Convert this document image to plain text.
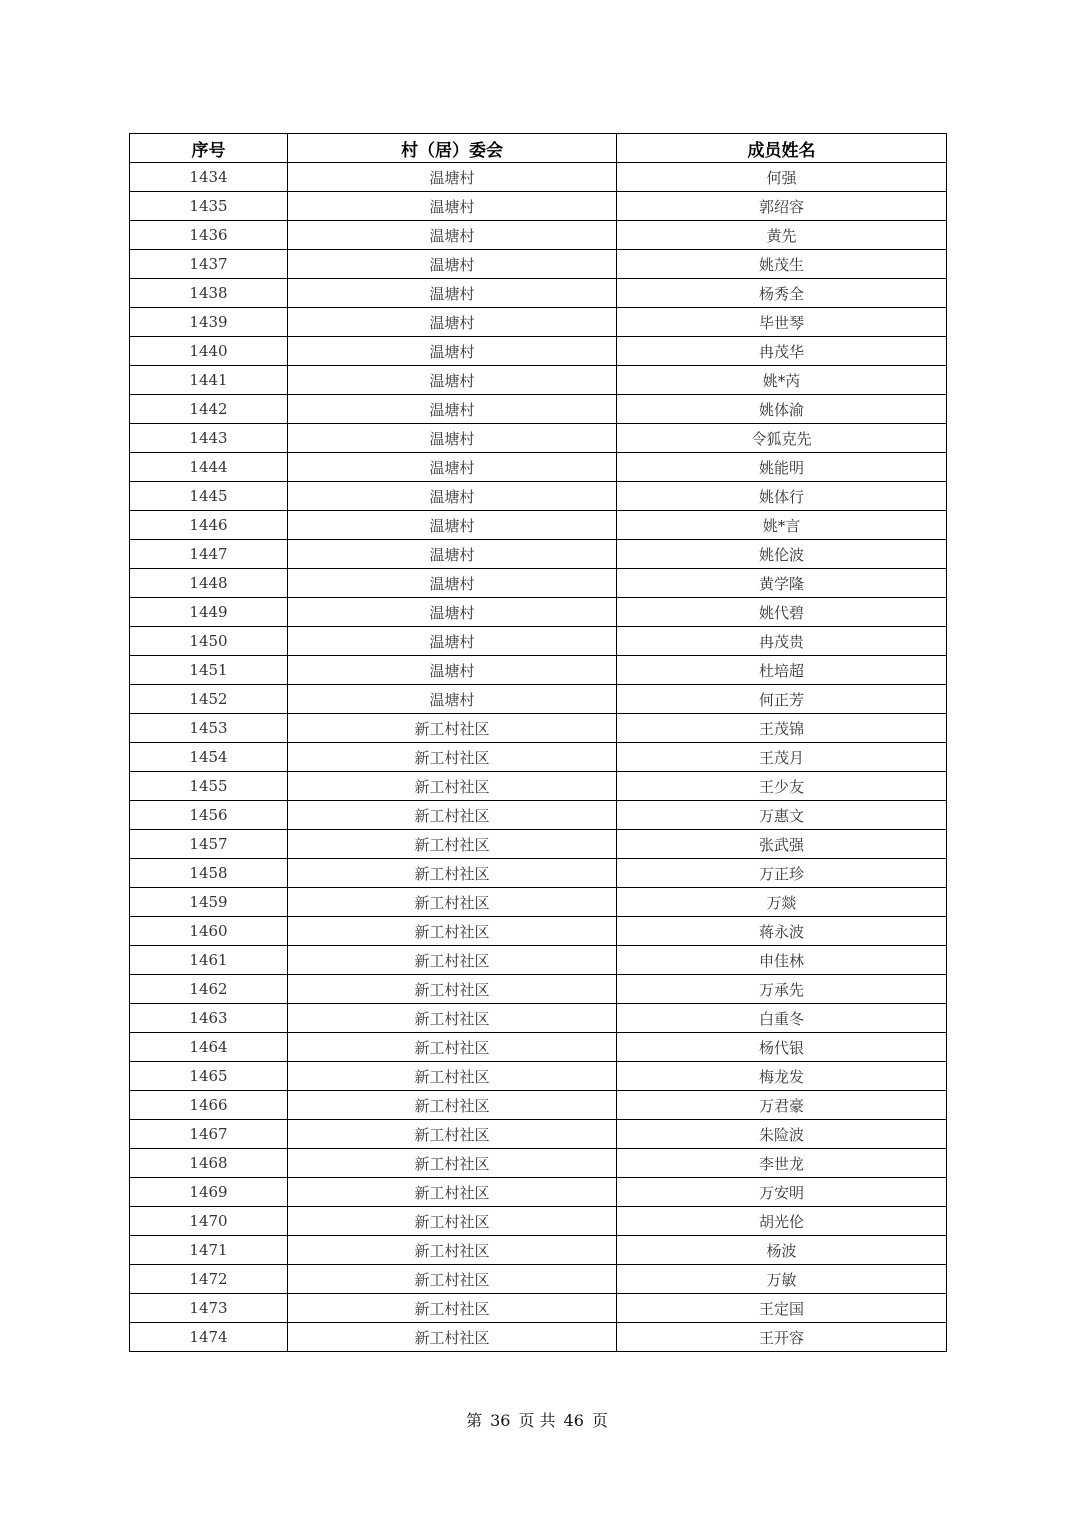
序号	村（居）委会	成员姓名
1434	温塘村	何强
1435	温塘村	郭绍容
1436	温塘村	黄先
1437	温塘村	姚茂生
1438	温塘村	杨秀全
1439	温塘村	毕世琴
1440	温塘村	冉茂华
1441	温塘村	姚*芮
1442	温塘村	姚体渝
1443	温塘村	令狐克先
1444	温塘村	姚能明
1445	温塘村	姚体行
1446	温塘村	姚*言
1447	温塘村	姚伦波
1448	温塘村	黄学隆
1449	温塘村	姚代碧
1450	温塘村	冉茂贵
1451	温塘村	杜培超
1452	温塘村	何正芳
1453	新工村社区	王茂锦
1454	新工村社区	王茂月
1455	新工村社区	王少友
1456	新工村社区	万惠文
1457	新工村社区	张武强
1458	新工村社区	万正珍
1459	新工村社区	万燚
1460	新工村社区	蒋永波
1461	新工村社区	申佳林
1462	新工村社区	万承先
1463	新工村社区	白重冬
1464	新工村社区	杨代银
1465	新工村社区	梅龙发
1466	新工村社区	万君豪
1467	新工村社区	朱险波
1468	新工村社区	李世龙
1469	新工村社区	万安明
1470	新工村社区	胡光伦
1471	新工村社区	杨波
1472	新工村社区	万敏
1473	新工村社区	王定国
1474	新工村社区	王开容
第 36 页 共 46 页
